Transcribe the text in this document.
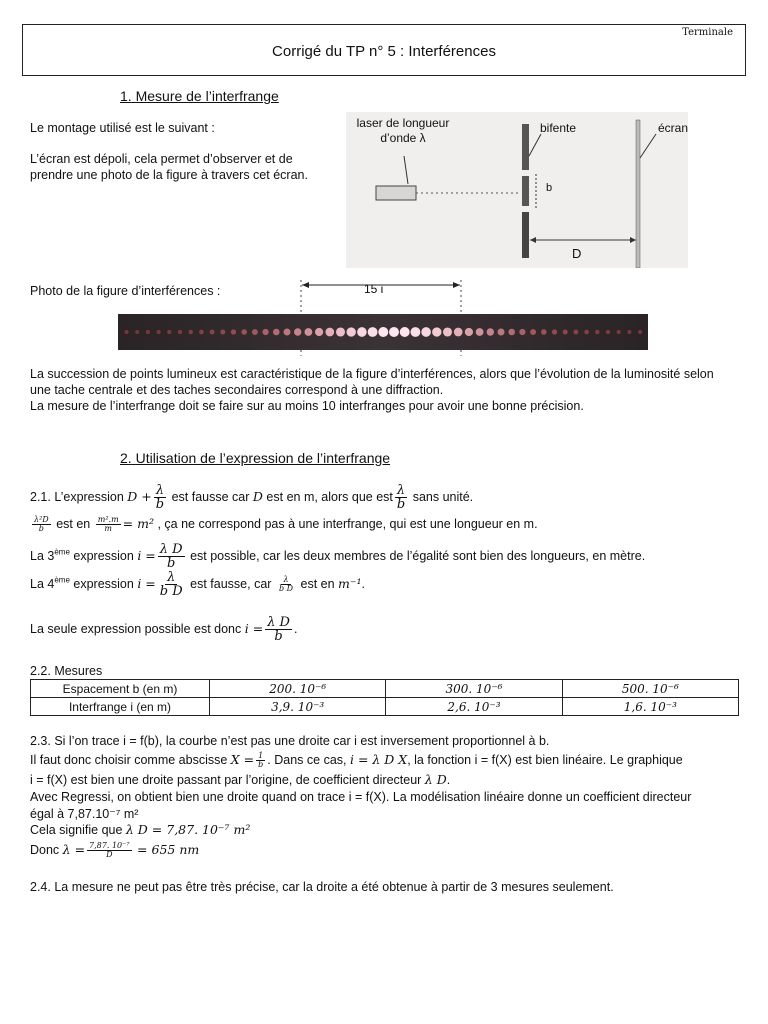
Terminale
Corrigé du TP n° 5 : Interférences
1. Mesure de l’interfrange
Le montage utilisé est le suivant :
L’écran est dépoli, cela permet d’observer et de
prendre une photo de la figure à travers cet écran.
laser de longueur
d’onde λ
bifente	écran
b
D
Photo de la figure d’interférences :	15 i
La succession de points lumineux est caractéristique de la figure d’interférences, alors que l’évolution de la luminosité selon
une tache centrale et des taches secondaires correspond à une diffraction.
La mesure de l’interfrange doit se faire sur au moins 10 interfranges pour avoir une bonne précision.
2. Utilisation de l’expression de l’interfrange
2.1. L’expression $D + \frac{\lambda}{b}$ est fausse car D est en m, alors que est $\frac{\lambda}{b}$ sans unité.
$\frac{\text{λ²D}}{b}$ est en $\frac{\text{m².m}}{m} = m^2$ , ça ne correspond pas à une interfrange, qui est une longueur en m.
La 3ème expression $i = \frac{\text{λ D}}{b}$ est possible, car les deux membres de l’égalité sont bien des longueurs, en mètre.
La 4ème expression $i = \frac{\lambda}{\text{b D}}$ est fausse, car $\frac{\lambda}{\text{b D}}$ est en m⁻¹.
La seule expression possible est donc $i = \frac{\text{λ D}}{b}$ .
2.2. Mesures
Espacement b (en m)	200. 10⁻⁶	300. 10⁻⁶	500. 10⁻⁶
Interfrange i (en m)	3,9. 10⁻³	2,6. 10⁻³	1,6. 10⁻³
2.3. Si l’on trace i = f(b), la courbe n’est pas une droite car i est inversement proportionnel à b.
Il faut donc choisir comme abscisse $X = \frac{1}{b}$ . Dans ce cas, i = λ D X, la fonction i = f(X) est bien linéaire. Le graphique
i = f(X) est bien une droite passant par l’origine, de coefficient directeur λ D.
Avec Regressi, on obtient bien une droite quand on trace i = f(X). La modélisation linéaire donne un coefficient directeur
égal à 7,87.10⁻⁷ m²
Cela signifie que λ D = 7,87. 10⁻⁷ m²
Donc $\lambda = \frac{\text{7,87. 10⁻⁷}}{D} = 655$ nm
2.4. La mesure ne peut pas être très précise, car la droite a été obtenue à partir de 3 mesures seulement.
